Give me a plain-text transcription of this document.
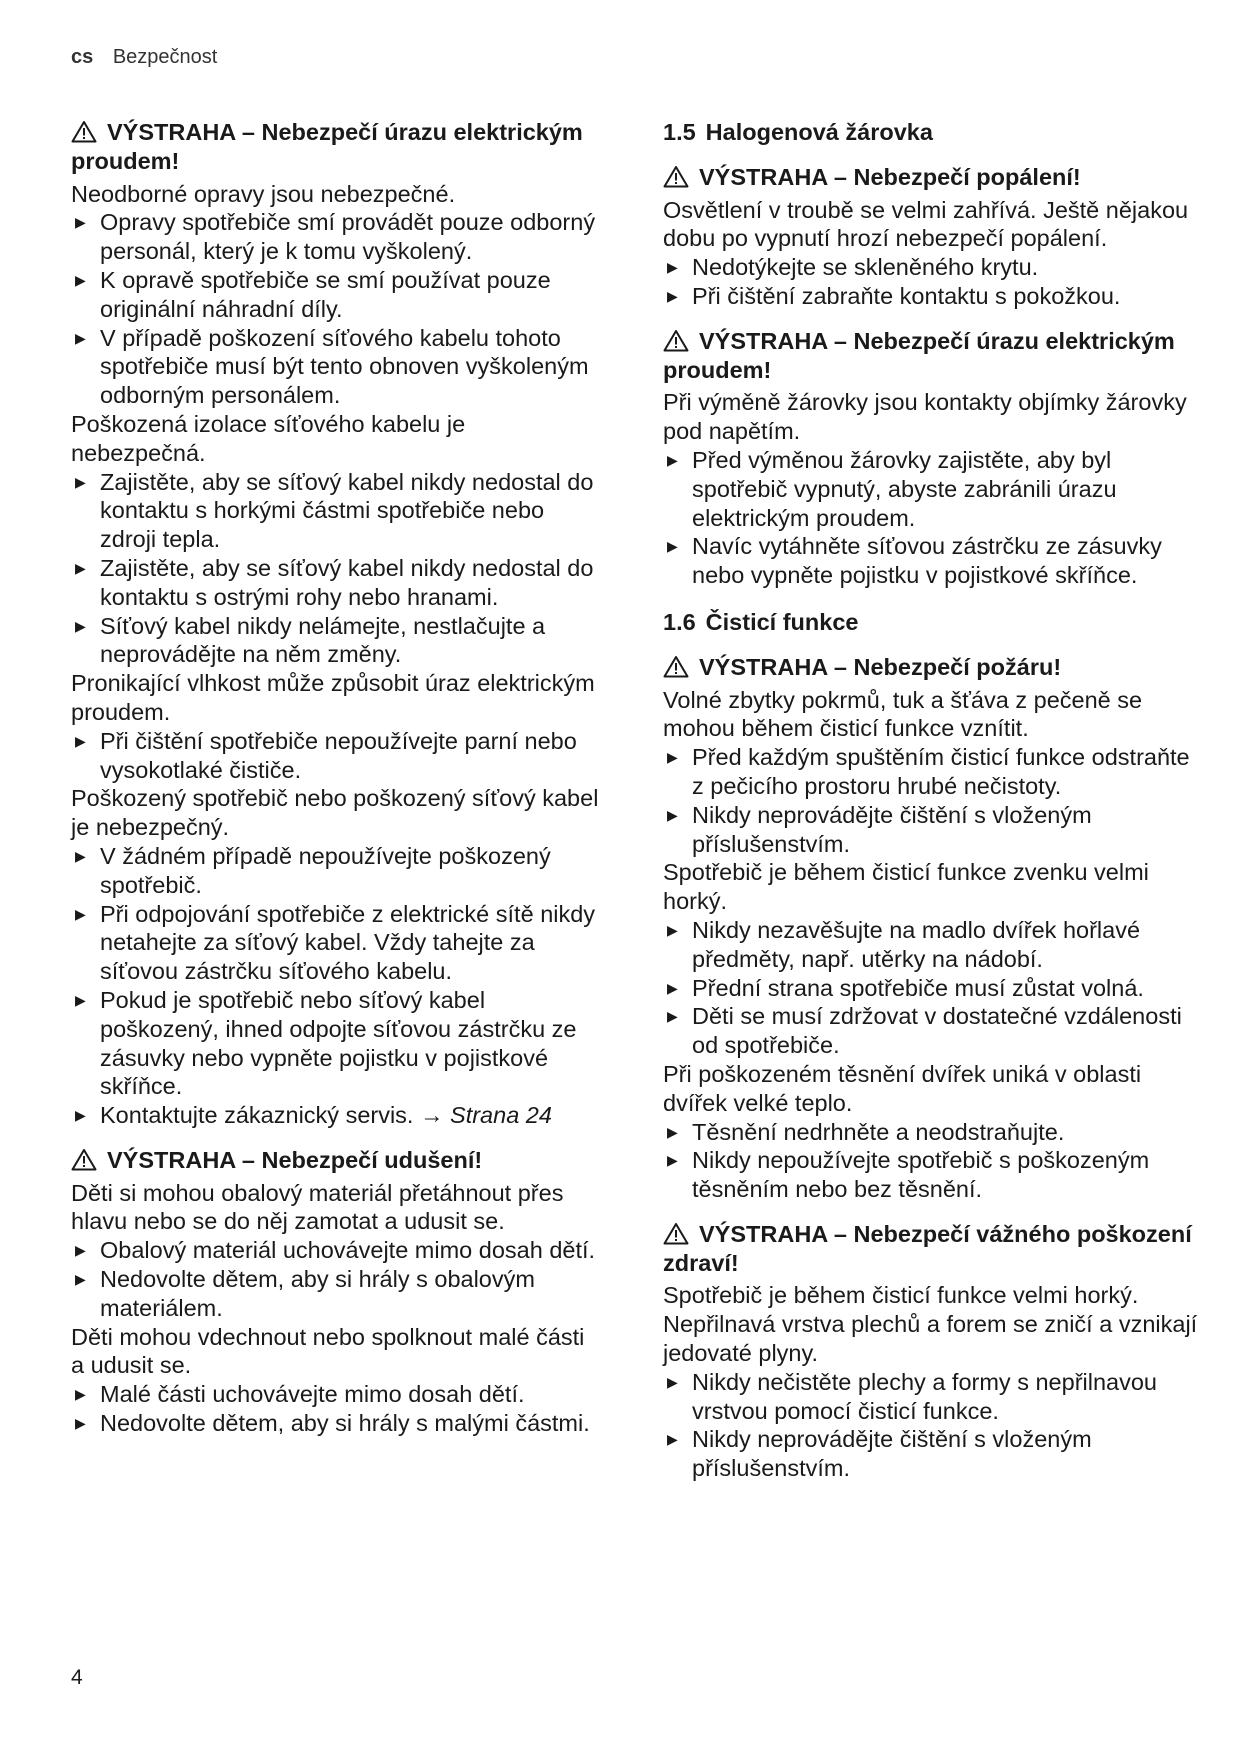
cs Bezpečnost
VÝSTRAHA – Nebezpečí úrazu elektrickým proudem!

Neodborné opravy jsou nebezpečné.

▶ Opravy spotřebiče smí provádět pouze odborný personál, který je k tomu vyškolený.
▶ K opravě spotřebiče se smí používat pouze originální náhradní díly.
▶ V případě poškození síťového kabelu tohoto spotřebiče musí být tento obnoven vyškoleným odborným personálem.

Poškozená izolace síťového kabelu je nebezpečná.

▶ Zajistěte, aby se síťový kabel nikdy nedostal do kontaktu s horkými částmi spotřebiče nebo zdroji tepla.
▶ Zajistěte, aby se síťový kabel nikdy nedostal do kontaktu s ostrými rohy nebo hranami.
▶ Síťový kabel nikdy nelámejte, nestlačujte a neprovádějte na něm změny.

Pronikající vlhkost může způsobit úraz elektrickým proudem.

▶ Při čištění spotřebiče nepoužívejte parní nebo vysokotlaké čističe.

Poškozený spotřebič nebo poškozený síťový kabel je nebezpečný.

▶ V žádném případě nepoužívejte poškozený spotřebič.
▶ Při odpojování spotřebiče z elektrické sítě nikdy netahejte za síťový kabel. Vždy tahejte za síťovou zástrčku síťového kabelu.
▶ Pokud je spotřebič nebo síťový kabel poškozený, ihned odpojte síťovou zástrčku ze zásuvky nebo vypněte pojistku v pojistkové skříňce.
▶ Kontaktujte zákaznický servis. → Strana 24
VÝSTRAHA – Nebezpečí udušení!

Děti si mohou obalový materiál přetáhnout přes hlavu nebo se do něj zamotat a udusit se.

▶ Obalový materiál uchovávejte mimo dosah dětí.
▶ Nedovolte dětem, aby si hrály s obalovým materiálem.

Děti mohou vdechnout nebo spolknout malé části a udusit se.

▶ Malé části uchovávejte mimo dosah dětí.
▶ Nedovolte dětem, aby si hrály s malými částmi.
1.5 Halogenová žárovka
VÝSTRAHA – Nebezpečí popálení!

Osvětlení v troubě se velmi zahřívá. Ještě nějakou dobu po vypnutí hrozí nebezpečí popálení.

▶ Nedotýkejte se skleněného krytu.
▶ Při čištění zabraňte kontaktu s pokožkou.
VÝSTRAHA – Nebezpečí úrazu elektrickým proudem!

Při výměně žárovky jsou kontakty objímky žárovky pod napětím.

▶ Před výměnou žárovky zajistěte, aby byl spotřebič vypnutý, abyste zabránili úrazu elektrickým proudem.
▶ Navíc vytáhněte síťovou zástrčku ze zásuvky nebo vypněte pojistku v pojistkové skříňce.
1.6 Čisticí funkce
VÝSTRAHA – Nebezpečí požáru!

Volné zbytky pokrmů, tuk a šťáva z pečeně se mohou během čisticí funkce vznítit.

▶ Před každým spuštěním čisticí funkce odstraňte z pečicího prostoru hrubé nečistoty.
▶ Nikdy neprovádějte čištění s vloženým příslušenstvím.

Spotřebič je během čisticí funkce zvenku velmi horký.

▶ Nikdy nezavěšujte na madlo dvířek hořlavé předměty, např. utěrky na nádobí.
▶ Přední strana spotřebiče musí zůstat volná.
▶ Děti se musí zdržovat v dostatečné vzdálenosti od spotřebiče.

Při poškozeném těsnění dvířek uniká v oblasti dvířek velké teplo.

▶ Těsnění nedrhněte a neodstraňujte.
▶ Nikdy nepoužívejte spotřebič s poškozeným těsněním nebo bez těsnění.
VÝSTRAHA – Nebezpečí vážného poškození zdraví!

Spotřebič je během čisticí funkce velmi horký. Nepřilnavá vrstva plechů a forem se zničí a vznikají jedovaté plyny.

▶ Nikdy nečistěte plechy a formy s nepřilnavou vrstvou pomocí čisticí funkce.
▶ Nikdy neprovádějte čištění s vloženým příslušenstvím.
4
